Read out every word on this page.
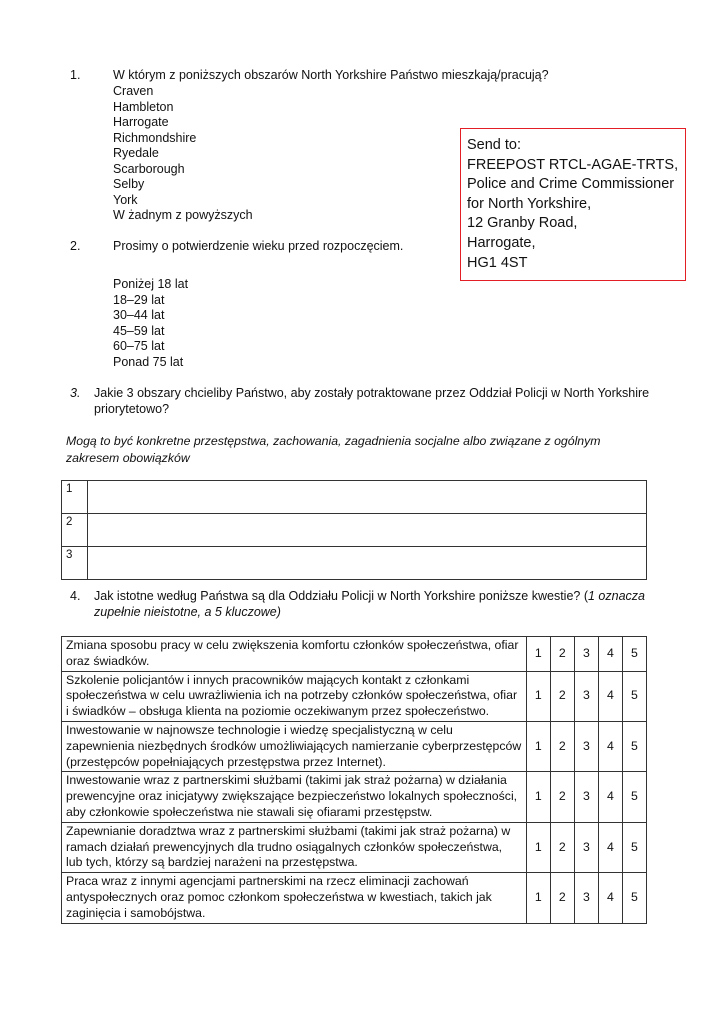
1.	W którym z poniższych obszarów North Yorkshire Państwo mieszkają/pracują?
Craven
Hambleton
Harrogate
Richmondshire
Ryedale
Scarborough
Selby
York
W żadnym z powyższych
Send to:
FREEPOST RTCL-AGAE-TRTS,
Police and Crime Commissioner
for North Yorkshire,
12 Granby Road,
Harrogate,
HG1 4ST
2.	Prosimy o potwierdzenie wieku przed rozpoczęciem.
Poniżej 18 lat
18–29 lat
30–44 lat
45–59 lat
60–75 lat
Ponad 75 lat
3. Jakie 3 obszary chcieliby Państwo, aby zostały potraktowane przez Oddział Policji w North Yorkshire priorytetowo?
Mogą to być konkretne przestępstwa, zachowania, zagadnienia socjalne albo związane z ogólnym zakresem obowiązków
1	
2	
3	
4. Jak istotne według Państwa są dla Oddziału Policji w North Yorkshire poniższe kwestie? (1 oznacza zupełnie nieistotne, a 5 kluczowe)
Zmiana sposobu pracy w celu zwiększenia komfortu członków społeczeństwa, ofiar oraz świadków.	1	2	3	4	5
Szkolenie policjantów i innych pracowników mających kontakt z członkami społeczeństwa w celu uwrażliwienia ich na potrzeby członków społeczeństwa, ofiar i świadków – obsługa klienta na poziomie oczekiwanym przez społeczeństwo.	1	2	3	4	5
Inwestowanie w najnowsze technologie i wiedzę specjalistyczną w celu zapewnienia niezbędnych środków umożliwiających namierzanie cyberprzestępców (przestępców popełniających przestępstwa przez Internet).	1	2	3	4	5
Inwestowanie wraz z partnerskimi służbami (takimi jak straż pożarna) w działania prewencyjne oraz inicjatywy zwiększające bezpieczeństwo lokalnych społeczności, aby członkowie społeczeństwa nie stawali się ofiarami przestępstw.	1	2	3	4	5
Zapewnianie doradztwa wraz z partnerskimi służbami (takimi jak straż pożarna) w ramach działań prewencyjnych dla trudno osiągalnych członków społeczeństwa, lub tych, którzy są bardziej narażeni na przestępstwa.	1	2	3	4	5
Praca wraz z innymi agencjami partnerskimi na rzecz eliminacji zachowań antyspołecznych oraz pomoc członkom społeczeństwa w kwestiach, takich jak zaginięcia i samobójstwa.	1	2	3	4	5
